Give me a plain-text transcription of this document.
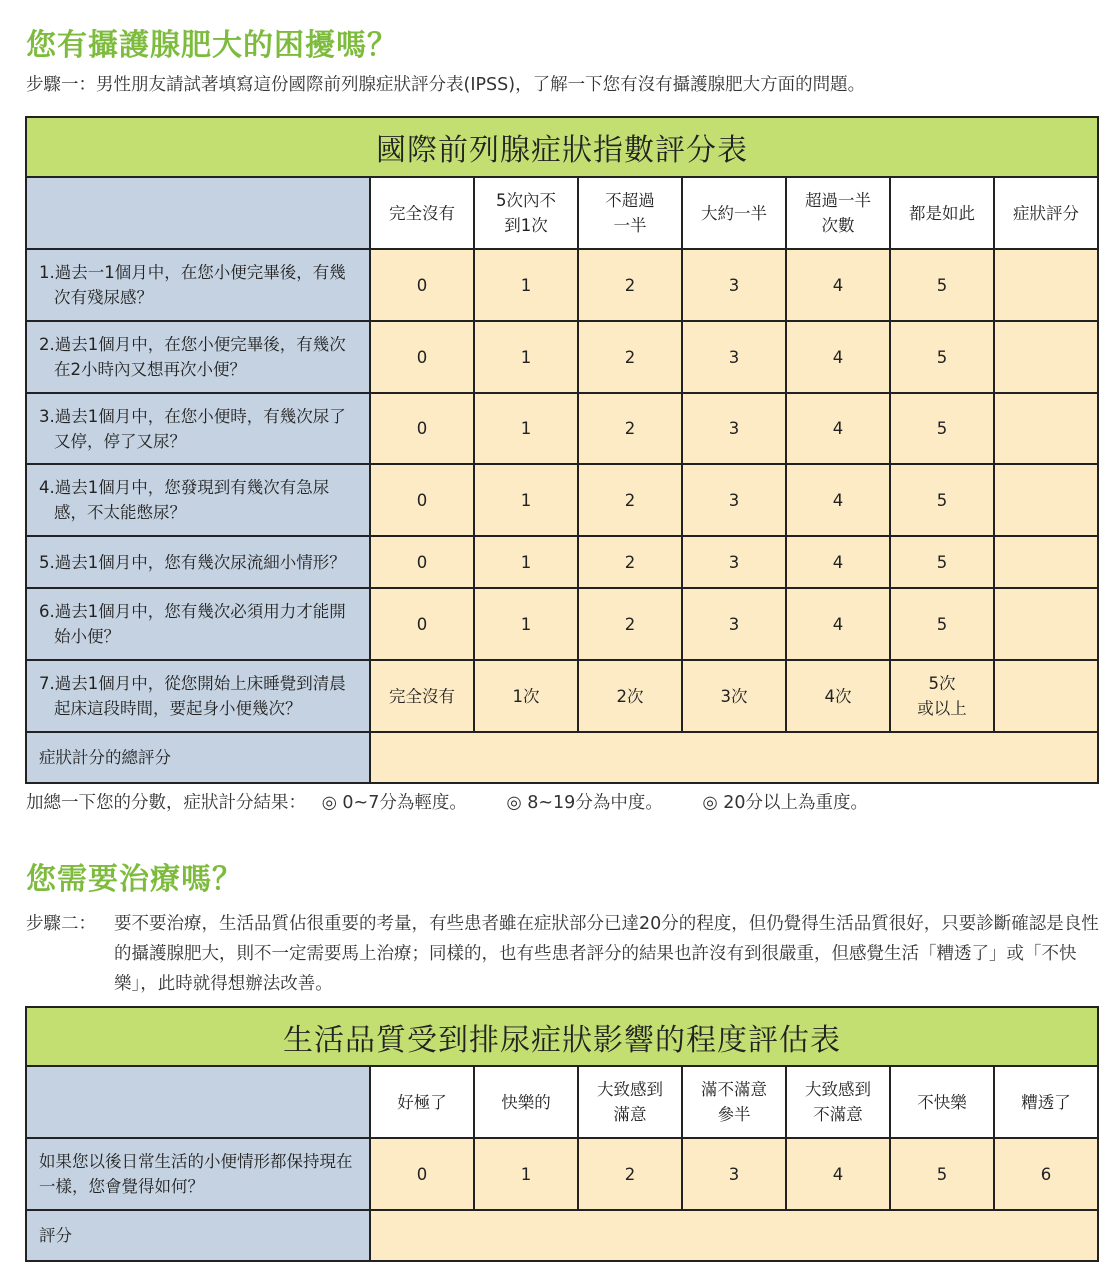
您有攝護腺肥大的困擾嗎？
步驟一：男性朋友請試著填寫這份國際前列腺症狀評分表(IPSS)，了解一下您有沒有攝護腺肥大方面的問題。
國際前列腺症狀指數評分表							

	完全沒有	5次內不
到1次	不超過
一半	大約一半	超過一半
次數	都是如此	症狀評分

1.過去一1個月中，在您小便完畢後，有幾次有殘尿感？	0	1	2	3	4	5	

2.過去1個月中，在您小便完畢後，有幾次在2小時內又想再次小便？	0	1	2	3	4	5	

3.過去1個月中，在您小便時，有幾次尿了又停，停了又尿？	0	1	2	3	4	5	

4.過去1個月中，您發現到有幾次有急尿感，不太能憋尿？	0	1	2	3	4	5	

5.過去1個月中，您有幾次尿流細小情形？	0	1	2	3	4	5	

6.過去1個月中，您有幾次必須用力才能開始小便？	0	1	2	3	4	5	

7.過去1個月中，從您開始上床睡覺到清晨起床這段時間，要起身小便幾次？	完全沒有	1次	2次	3次	4次	5次
或以上	

症狀計分的總評分							
加總一下您的分數，症狀計分結果： ◎ 0~7分為輕度。 ◎ 8~19分為中度。 ◎ 20分以上為重度。
您需要治療嗎？
步驟二： 要不要治療，生活品質佔很重要的考量，有些患者雖在症狀部分已達20分的程度，但仍覺得生活品質很好，只要診斷確認是良性的攝護腺肥大，則不一定需要馬上治療；同樣的，也有些患者評分的結果也許沒有到很嚴重，但感覺生活「糟透了」或「不快樂」，此時就得想辦法改善。
生活品質受到排尿症狀影響的程度評估表							

	好極了	快樂的	大致感到
滿意	滿不滿意
參半	大致感到
不滿意	不快樂	糟透了

如果您以後日常生活的小便情形都保持現在一樣，您會覺得如何？	0	1	2	3	4	5	6
評分							
